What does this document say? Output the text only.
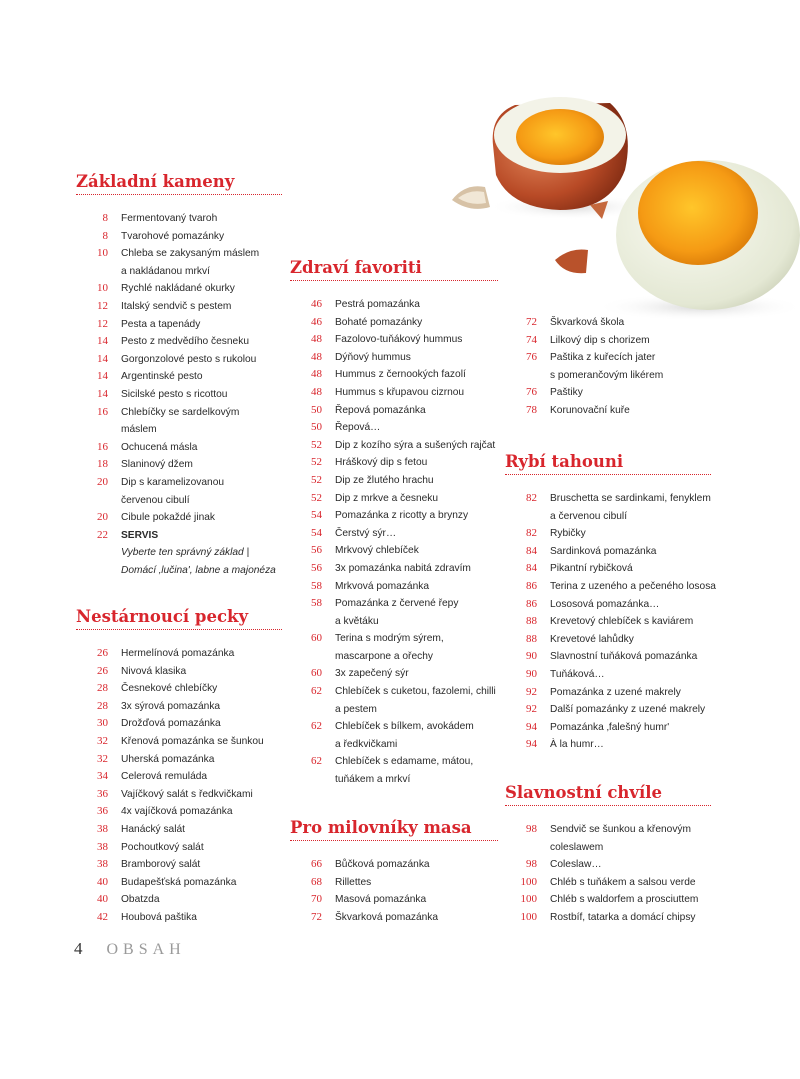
Základní kameny
8	Fermentovaný tvaroh
8	Tvarohové pomazánky
10	Chleba se zakysaným máslem
a nakládanou mrkví
10	Rychlé nakládané okurky
12	Italský sendvič s pestem
12	Pesta a tapenády
14	Pesto z medvědího česneku
14	Gorgonzolové pesto s rukolou
14	Argentinské pesto
14	Sicilské pesto s ricottou
16	Chlebíčky se sardelkovým
máslem
16	Ochucená másla
18	Slaninový džem
20	Dip s karamelizovanou
červenou cibulí
20	Cibule pokaždé jinak
22	SERVIS
Vyberte ten správný základ |
Domácí ‚lučina', labne a majonéza
Nestárnoucí pecky
26	Hermelínová pomazánka
26	Nivová klasika
28	Česnekové chlebíčky
28	3x sýrová pomazánka
30	Drožďová pomazánka
32	Křenová pomazánka se šunkou
32	Uherská pomazánka
34	Celerová remuláda
36	Vajíčkový salát s ředkvičkami
36	4x vajíčková pomazánka
38	Hanácký salát
38	Pochoutkový salát
38	Bramborový salát
40	Budapešťská pomazánka
40	Obatzda
42	Houbová paštika
Zdraví favoriti
46	Pestrá pomazánka
46	Bohaté pomazánky
48	Fazolovo-tuňákový hummus
48	Dýňový hummus
48	Hummus z černookých fazolí
48	Hummus s křupavou cizrnou
50	Řepová pomazánka
50	Řepová…
52	Dip z kozího sýra a sušených rajčat
52	Hráškový dip s fetou
52	Dip ze žlutého hrachu
52	Dip z mrkve a česneku
54	Pomazánka z ricotty a brynzy
54	Čerstvý sýr…
56	Mrkvový chlebíček
56	3x pomazánka nabitá zdravím
58	Mrkvová pomazánka
58	Pomazánka z červené řepy
a květáku
60	Terina s modrým sýrem,
mascarpone a ořechy
60	3x zapečený sýr
62	Chlebíček s cuketou, fazolemi, chilli
a pestem
62	Chlebíček s bílkem, avokádem
a ředkvičkami
62	Chlebíček s edamame, mátou,
tuňákem a mrkví
Pro milovníky masa
66	Bůčková pomazánka
68	Rillettes
70	Masová pomazánka
72	Škvarková pomazánka
72	Škvarková škola
74	Lilkový dip s chorizem
76	Paštika z kuřecích jater
s pomerančovým likérem
76	Paštiky
78	Korunovační kuře
Rybí tahouni
82	Bruschetta se sardinkami, fenyklem
a červenou cibulí
82	Rybičky
84	Sardinková pomazánka
84	Pikantní rybičková
86	Terina z uzeného a pečeného lososa
86	Lososová pomazánka…
88	Krevetový chlebíček s kaviárem
88	Krevetové lahůdky
90	Slavnostní tuňáková pomazánka
90	Tuňáková…
92	Pomazánka z uzené makrely
92	Další pomazánky z uzené makrely
94	Pomazánka ‚falešný humr'
94	À la humr…
Slavnostní chvíle
98	Sendvič se šunkou a křenovým
coleslawem
98	Coleslaw…
100	Chléb s tuňákem a salsou verde
100	Chléb s waldorfem a prosciuttem
100	Rostbíf, tatarka a domácí chipsy
4 OBSAH
